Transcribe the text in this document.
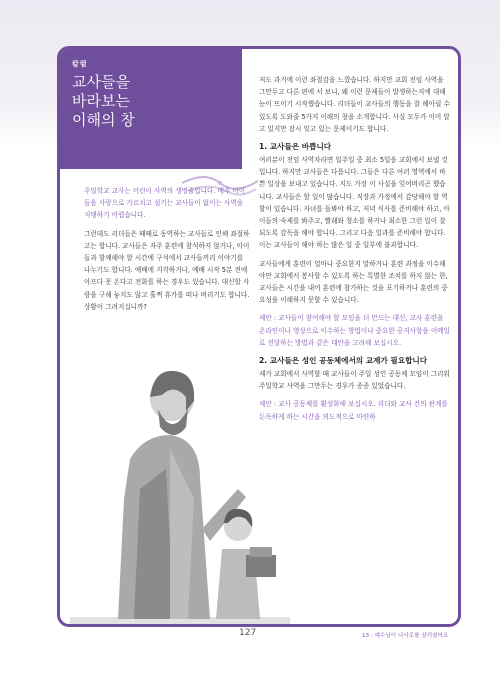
칼럼
교사들을
바라보는
이해의 창

주일학교 교사는 어린이 사역의 생명줄입니다. 매주 아이들을 사랑으로 가르치고 섬기는 교사들이 없이는 사역을 지탱하기 어렵습니다.

그런데도 리더들은 때때로 동역하는 교사들로 인해 좌절하고는 합니다. 교사들은 자주 훈련에 참석하지 않거나, 아이들과 함께해야 할 시간에 구석에서 교사들끼리 이야기를 나누기도 합니다. 예배에 지각하거나, 예배 시작 5분 전에 아프다 못 온다고 전화를 하는 경우도 있습니다. 대신할 사람을 구해 놓지도 않고 훌쩍 휴가를 떠나 버리기도 합니다. 상황이 그려지십니까?

저도 과거에 이런 좌절감을 느꼈습니다. 하지만 교회 전임 사역을 그만두고 다른 편에 서 보니, 왜 이런 문제들이 발생하는지에 대해 눈이 뜨이기 시작했습니다. 리더들이 교사들의 행동을 잘 헤아릴 수 있도록 도와줄 5가지 이해의 창을 소개합니다. 사실 모두가 이미 알고 있지만 잠시 잊고 있는 문제이기도 합니다.

1. 교사들은 바쁩니다

여러분이 전임 사역자라면 일주일 중 최소 5일을 교회에서 보낼 것입니다. 하지만 교사들은 다릅니다. 그들은 다른 여러 영역에서 바쁜 일상을 보내고 있습니다. 지도 가장 이 사실을 잊어버리곤 했습니다. 교사들은 할 일이 많습니다. 직장과 가정에서 감당해야 할 역할이 있습니다. 자녀를 돌봐야 하고, 저녁 식사를 준비해야 하고, 아이들의 숙제를 봐주고, 빨래와 청소를 하거나 최소한 그런 일이 잘 되도록 감독을 해야 합니다. 그리고 다음 일과를 준비해야 합니다. 이는 교사들이 해야 하는 많은 일 중 일부에 불과합니다.

교사들에게 훈련이 얼마나 중요한지 말하거나 훈련 과정을 이수해야만 교회에서 봉사할 수 있도록 하는 특별한 조치를 하지 않는 한, 교사들은 시간을 내어 훈련에 참가하는 것을 포기하거나 훈련의 중요성을 이해하지 못할 수 있습니다.

제안 : 교사들이 참여해야 할 모임을 더 만드는 대신, 교사 훈련을 온라인이나 영상으로 이수하는 방법이나 중요한 공지사항을 이메일로 전달하는 방법과 같은 대안을 고려해 보십시오.

2. 교사들은 성인 공동체에서의 교제가 필요합니다

제가 교회에서 사역할 때 교사들이 주일 성인 공동체 모임이 그리워 주일학교 사역을 그만두는 경우가 종종 있었습니다.

제안 : 교사 공동체를 활성화해 보십시오. 리더와 교사 간의 관계를 돈독하게 하는 시간을 의도적으로 마련하

127	13 : 예수님이 나사로를 살리셨어요
